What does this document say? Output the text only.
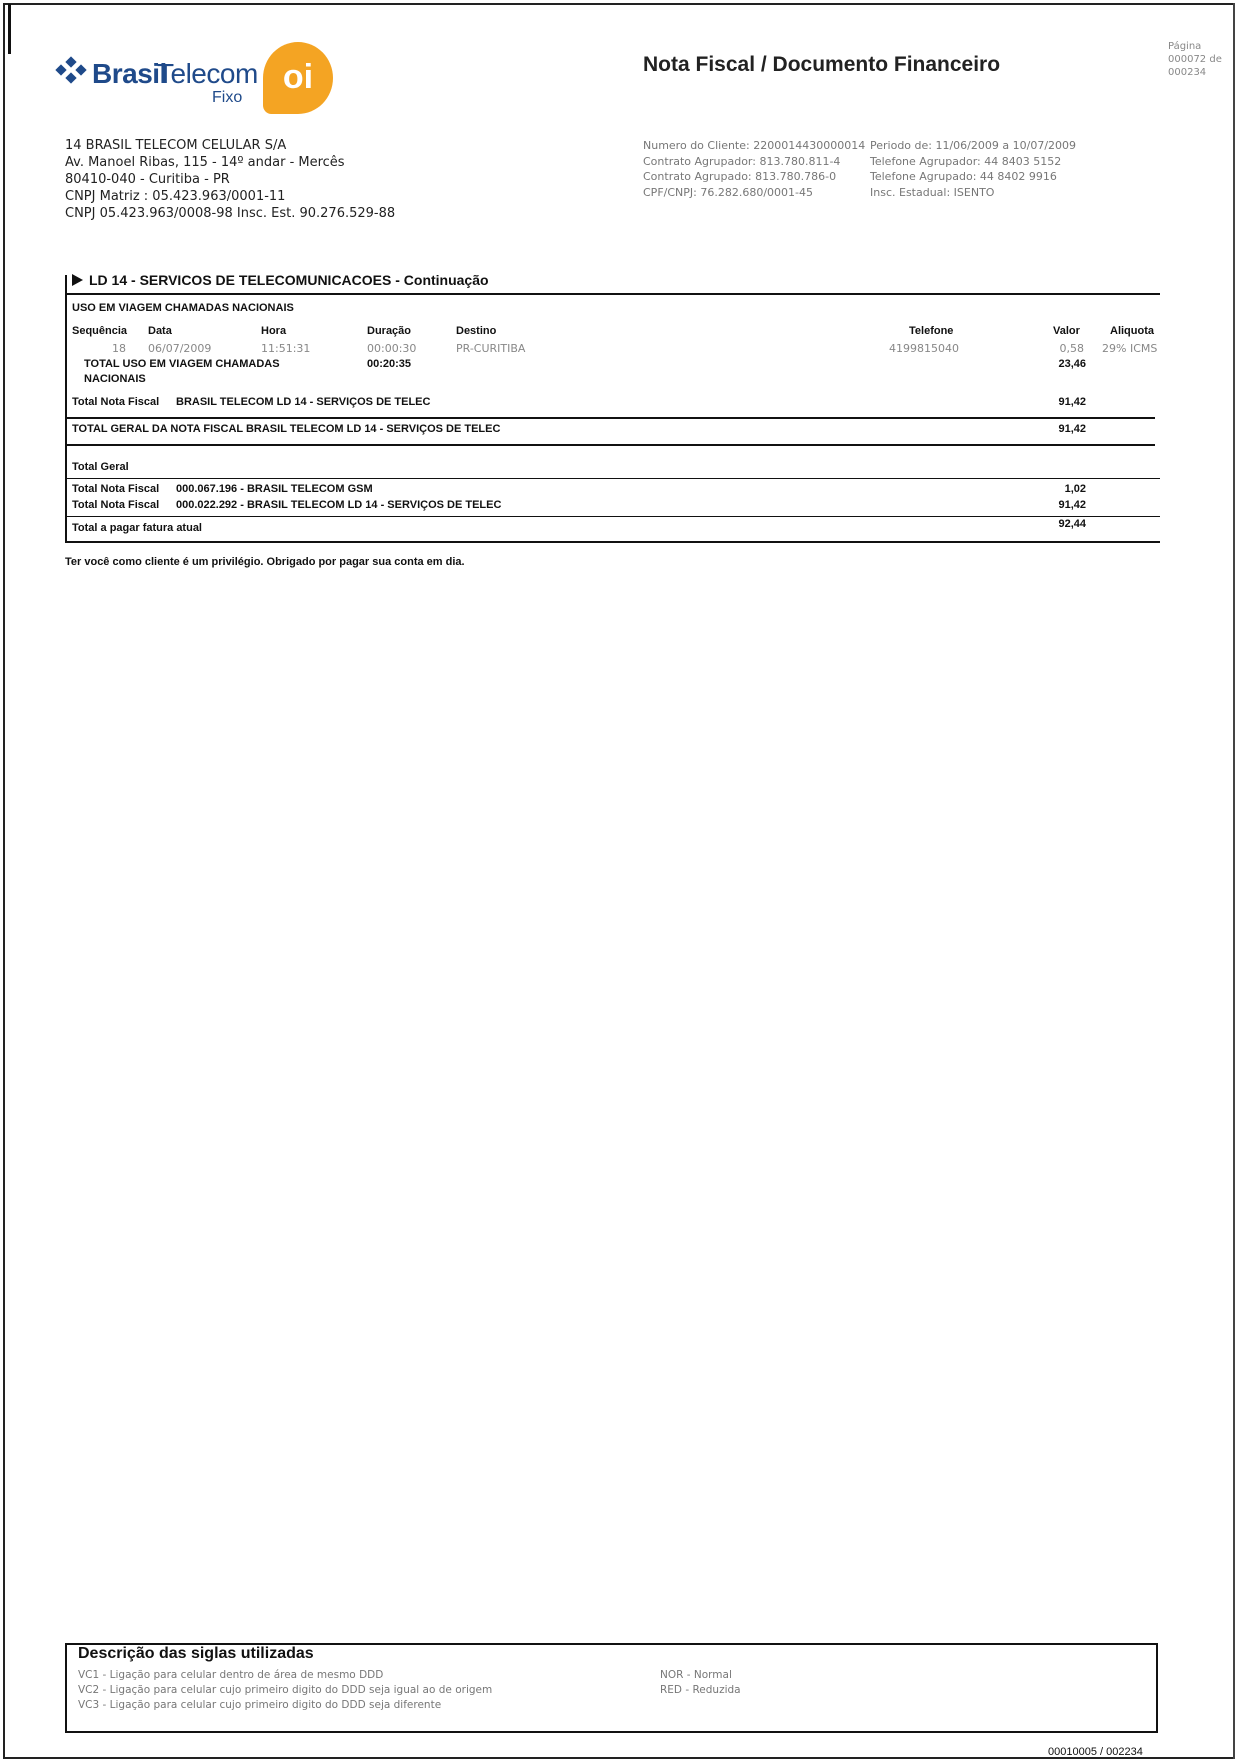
Brasil
Telecom
Fixo
oi	Nota Fiscal / Documento Financeiro
Página
000072 de
000234
14 BRASIL TELECOM CELULAR S/A
Av. Manoel Ribas, 115 - 14º andar - Mercês
80410-040 - Curitiba - PR
CNPJ Matriz : 05.423.963/0001-11
CNPJ 05.423.963/0008-98 Insc. Est. 90.276.529-88
Numero do Cliente: 2200014430000014
Contrato Agrupador: 813.780.811-4
Contrato Agrupado: 813.780.786-0
CPF/CNPJ: 76.282.680/0001-45
Periodo de: 11/06/2009 a 10/07/2009
Telefone Agrupador: 44 8403 5152
Telefone Agrupado: 44 8402 9916
Insc. Estadual: ISENTO
LD 14 - SERVICOS DE TELECOMUNICACOES - Continuação
USO EM VIAGEM CHAMADAS NACIONAIS
Sequência Data	Hora	Duração	Destino	Telefone	Valor	Aliquota
18 06/07/2009	11:51:31	00:00:30	PR-CURITIBA	4199815040	0,58 29% ICMS
TOTAL USO EM VIAGEM CHAMADAS
NACIONAIS
00:20:35	23,46
Total Nota Fiscal BRASIL TELECOM LD 14 - SERVIÇOS DE TELEC	91,42
TOTAL GERAL DA NOTA FISCAL BRASIL TELECOM LD 14 - SERVIÇOS DE TELEC	91,42
Total Geral
Total Nota Fiscal 000.067.196 - BRASIL TELECOM GSM	1,02
Total Nota Fiscal 000.022.292 - BRASIL TELECOM LD 14 - SERVIÇOS DE TELEC	91,42
Total a pagar fatura atual	92,44
Ter você como cliente é um privilégio. Obrigado por pagar sua conta em dia.
Descrição das siglas utilizadas
VC1 - Ligação para celular dentro de área de mesmo DDD
VC2 - Ligação para celular cujo primeiro digito do DDD seja igual ao de origem
VC3 - Ligação para celular cujo primeiro digito do DDD seja diferente
NOR - Normal
RED - Reduzida
00010005 / 002234
